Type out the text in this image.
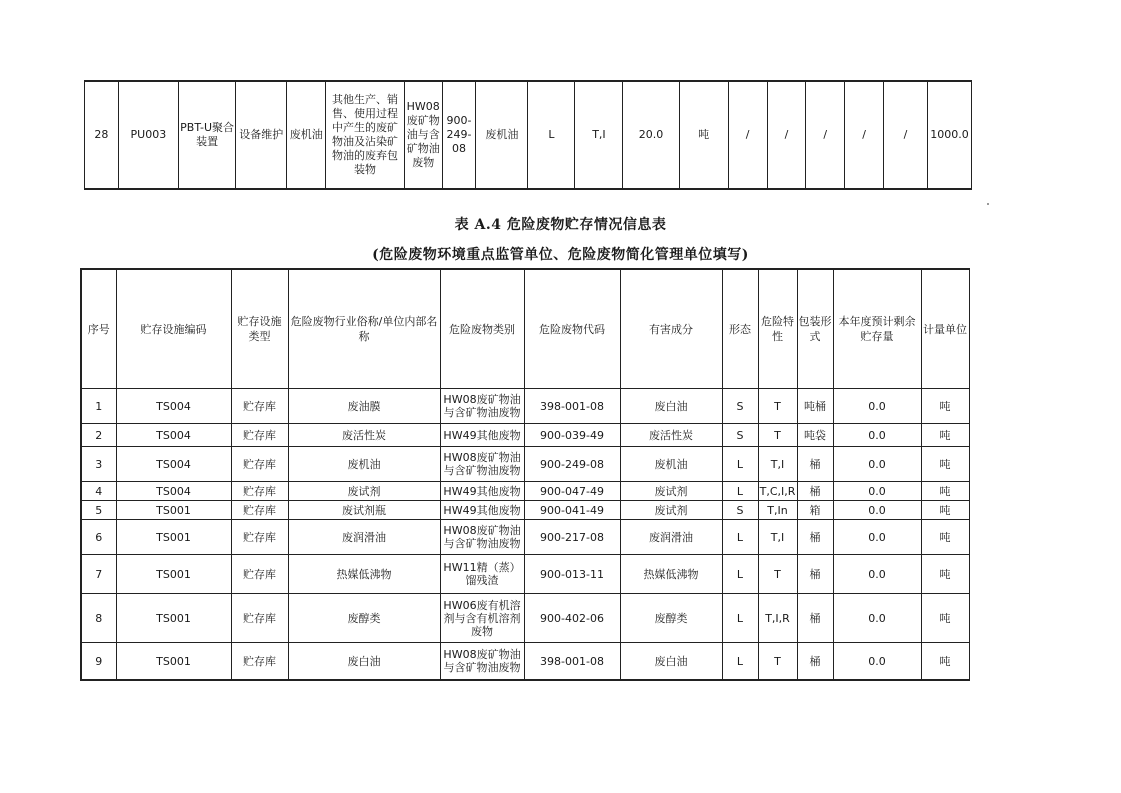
28	PU003	PBT-U聚合装置	设备维护	废机油	其他生产、销售、使用过程中产生的废矿物油及沾染矿物油的废弃包装物	HW08废矿物油与含矿物油废物	900-249-08	废机油	L	T,I	20.0	吨	/	/	/	/	/	1000.0
表 A.4 危险废物贮存情况信息表
(危险废物环境重点监管单位、危险废物简化管理单位填写)
序号	贮存设施编码	贮存设施类型	危险废物行业俗称/单位内部名称	危险废物类别	危险废物代码	有害成分	形态	危险特性	包装形式	本年度预计剩余贮存量	计量单位
1	TS004	贮存库	废油膜	HW08废矿物油与含矿物油废物	398-001-08	废白油	S	T	吨桶	0.0	吨
2	TS004	贮存库	废活性炭	HW49其他废物	900-039-49	废活性炭	S	T	吨袋	0.0	吨
3	TS004	贮存库	废机油	HW08废矿物油与含矿物油废物	900-249-08	废机油	L	T,I	桶	0.0	吨
4	TS004	贮存库	废试剂	HW49其他废物	900-047-49	废试剂	L	T,C,I,R	桶	0.0	吨
5	TS001	贮存库	废试剂瓶	HW49其他废物	900-041-49	废试剂	S	T,In	箱	0.0	吨
6	TS001	贮存库	废润滑油	HW08废矿物油与含矿物油废物	900-217-08	废润滑油	L	T,I	桶	0.0	吨
7	TS001	贮存库	热媒低沸物	HW11精（蒸）馏残渣	900-013-11	热媒低沸物	L	T	桶	0.0	吨
8	TS001	贮存库	废醇类	HW06废有机溶剂与含有机溶剂废物	900-402-06	废醇类	L	T,I,R	桶	0.0	吨
9	TS001	贮存库	废白油	HW08废矿物油与含矿物油废物	398-001-08	废白油	L	T	桶	0.0	吨
